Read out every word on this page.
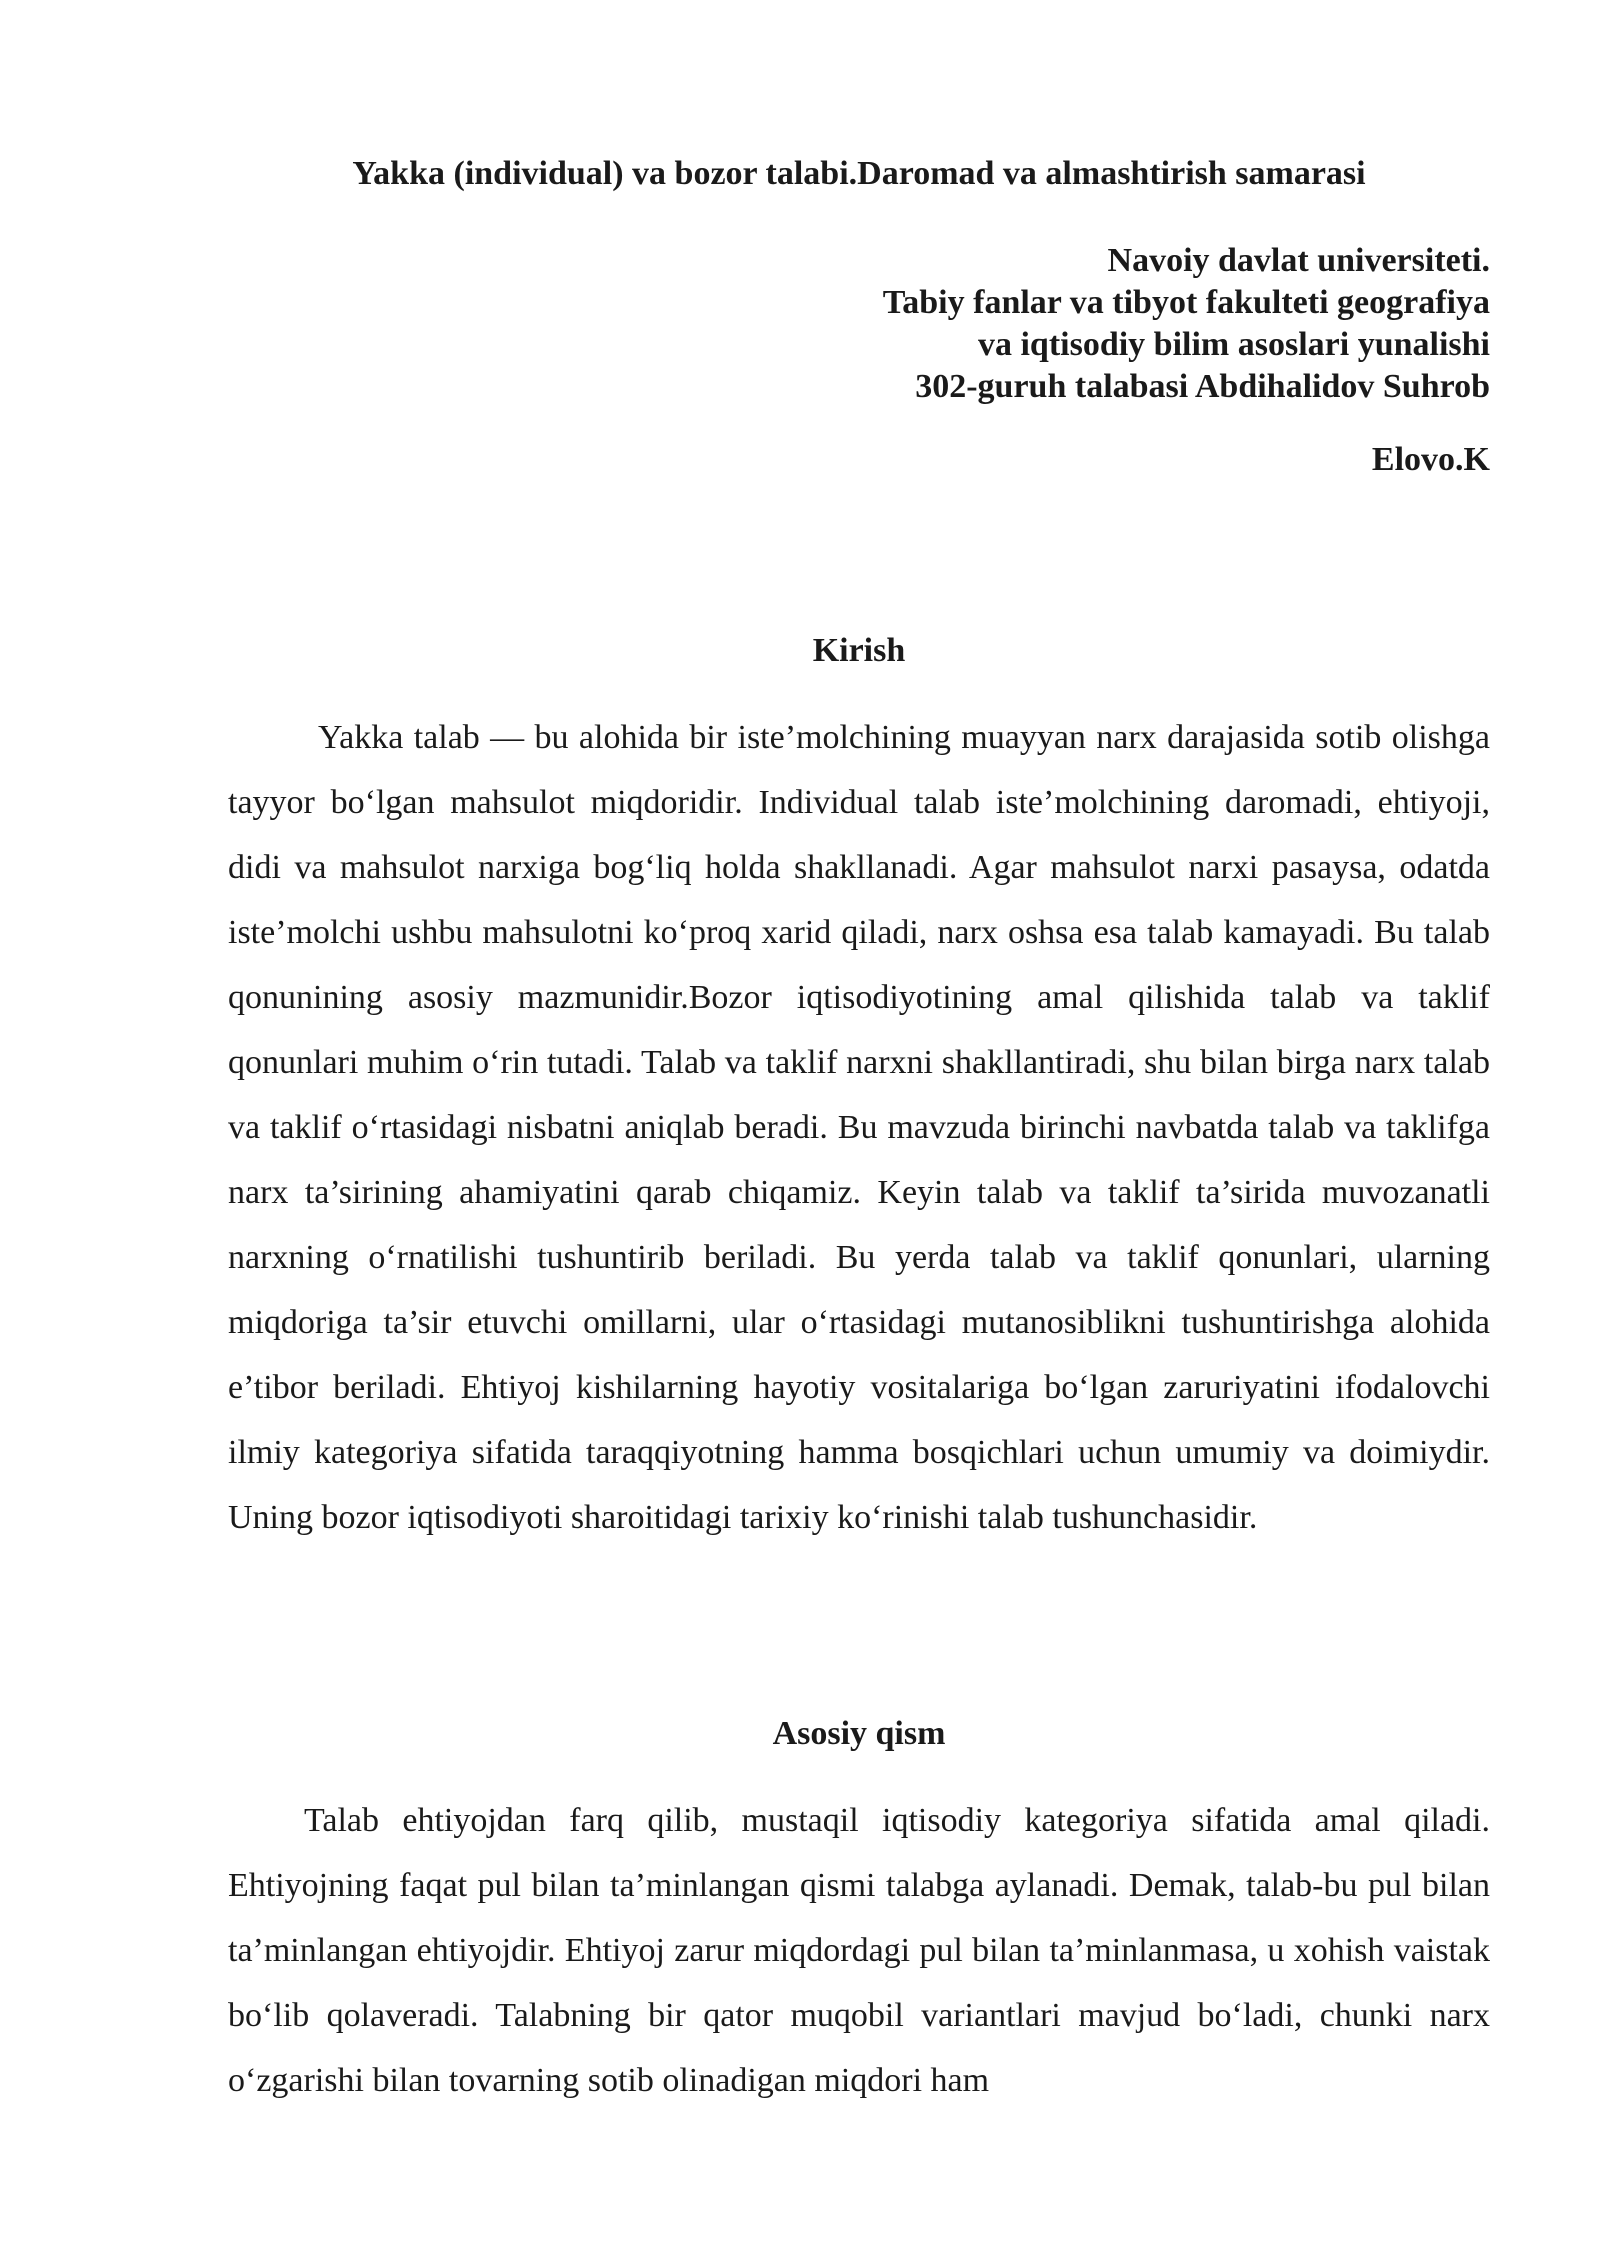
Yakka (individual) va bozor talabi.Daromad va almashtirish samarasi
Navoiy davlat universiteti.
Tabiy fanlar va tibyot fakulteti geografiya
va iqtisodiy bilim asoslari yunalishi
302-guruh talabasi Abdihalidov Suhrob
Elovo.K
Kirish

Yakka talab — bu alohida bir iste’molchining muayyan narx darajasida sotib olishga tayyor bo‘lgan mahsulot miqdoridir. Individual talab iste’molchining daromadi, ehtiyoji, didi va mahsulot narxiga bog‘liq holda shakllanadi. Agar mahsulot narxi pasaysa, odatda iste’molchi ushbu mahsulotni ko‘proq xarid qiladi, narx oshsa esa talab kamayadi. Bu talab qonunining asosiy mazmunidir.Bozor iqtisodiyotining amal qilishida talab va taklif qonunlari muhim o‘rin tutadi. Talab va taklif narxni shakllantiradi, shu bilan birga narx talab va taklif o‘rtasidagi nisbatni aniqlab beradi. Bu mavzuda birinchi navbatda talab va taklifga narx ta’sirining ahamiyatini qarab chiqamiz. Keyin talab va taklif ta’sirida muvozanatli narxning o‘rnatilishi tushuntirib beriladi. Bu yerda talab va taklif qonunlari, ularning miqdoriga ta’sir etuvchi omillarni, ular o‘rtasidagi mutanosiblikni tushuntirishga alohida e’tibor beriladi. Ehtiyoj kishilarning hayotiy vositalariga bo‘lgan zaruriyatini ifodalovchi ilmiy kategoriya sifatida taraqqiyotning hamma bosqichlari uchun umumiy va doimiydir. Uning bozor iqtisodiyoti sharoitidagi tarixiy ko‘rinishi talab tushunchasidir.

Asosiy qism

Talab ehtiyojdan farq qilib, mustaqil iqtisodiy kategoriya sifatida amal qiladi. Ehtiyojning faqat pul bilan ta’minlangan qismi talabga aylanadi. Demak, talab-bu pul bilan ta’minlangan ehtiyojdir. Ehtiyoj zarur miqdordagi pul bilan ta’minlanmasa, u xohish vaistak bo‘lib qolaveradi. Talabning bir qator muqobil variantlari mavjud bo‘ladi, chunki narx o‘zgarishi bilan tovarning sotib olinadigan miqdori ham
